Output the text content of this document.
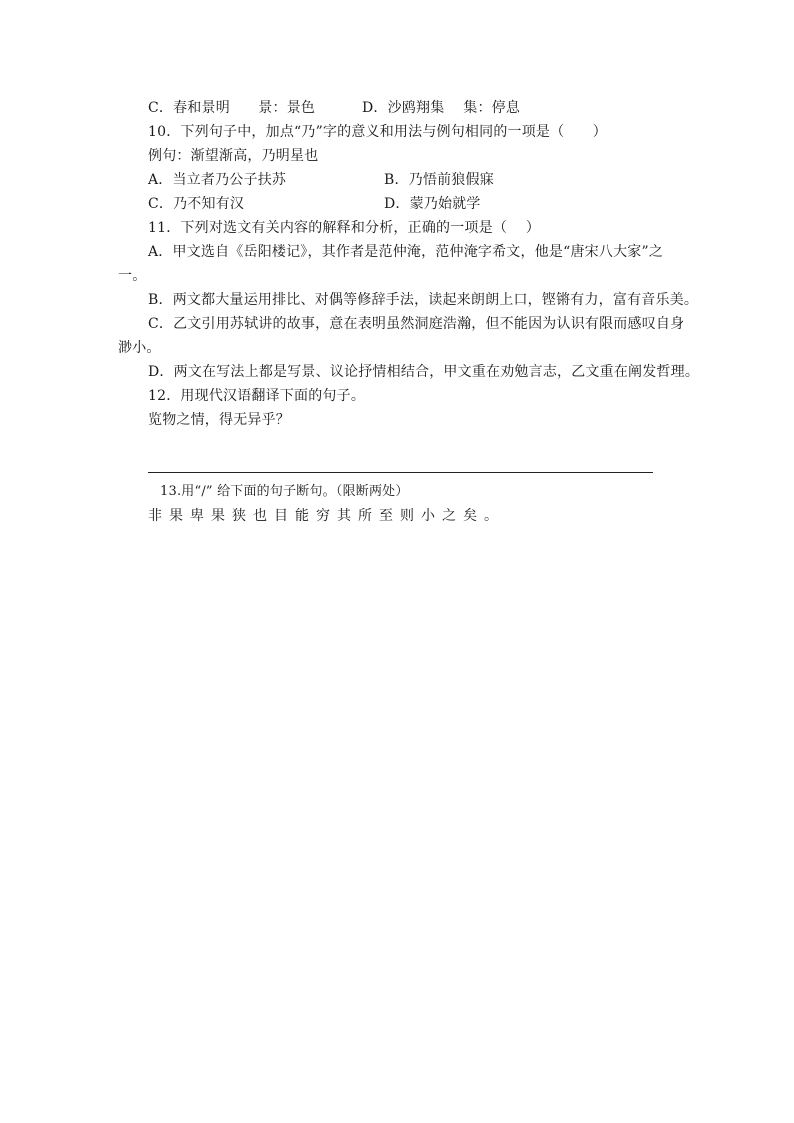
C．春和景明　　景：景色	D．沙鸥翔集　 集：停息
10．下列句子中，加点“乃”字的意义和用法与例句相同的一项是（　　）
例句：渐望渐高，乃明星也
A．当立者乃公子扶苏	B．乃悟前狼假寐
C．乃不知有汉	D．蒙乃始就学
11．下列对选文有关内容的解释和分析，正确的一项是（　 ）
A．甲文选自《岳阳楼记》，其作者是范仲淹，范仲淹字希文，他是“唐宋八大家”之
一。
B．两文都大量运用排比、对偶等修辞手法，读起来朗朗上口，铿锵有力，富有音乐美。
C．乙文引用苏轼讲的故事，意在表明虽然洞庭浩瀚，但不能因为认识有限而感叹自身
渺小。
D．两文在写法上都是写景、议论抒情相结合，甲文重在劝勉言志，乙文重在阐发哲理。
12．用现代汉语翻译下面的句子。
览物之情，得无异乎？
13.用“/” 给下面的句子断句。（限断两处）
非果卑果狭也目能穷其所至则小之矣。
